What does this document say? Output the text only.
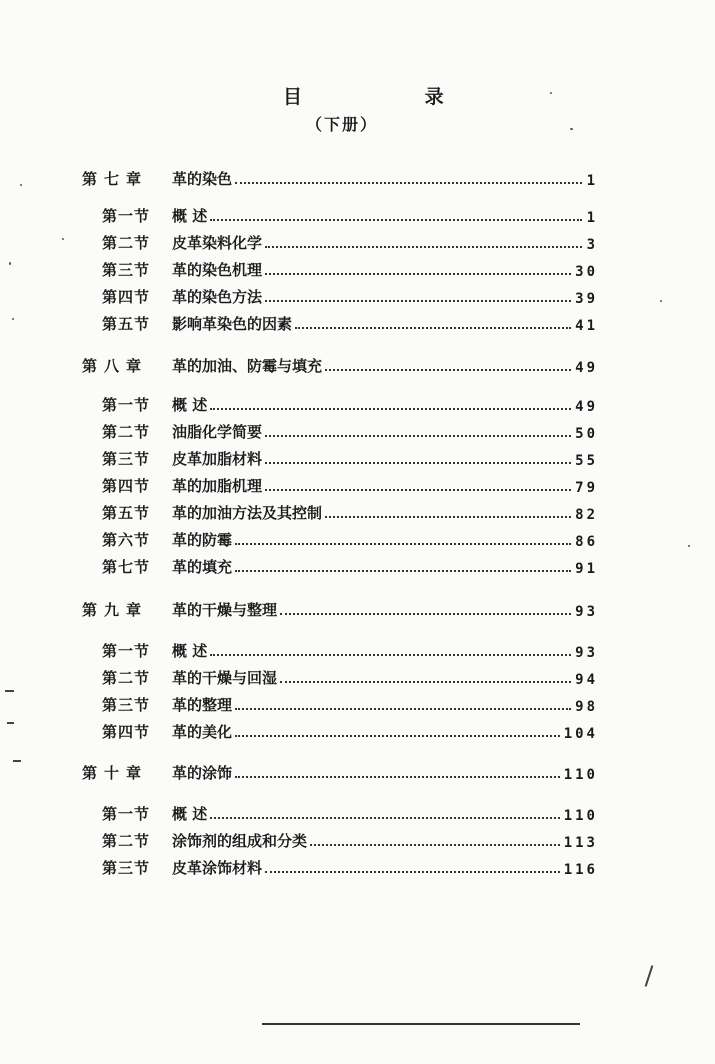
目 录
（下册）
第七章	革的染色	1
第一节	概 述	1
第二节	皮革染料化学	3
第三节	革的染色机理	30
第四节	革的染色方法	39
第五节	影响革染色的因素	41
第八章	革的加油、防霉与填充	49
第一节	概 述	49
第二节	油脂化学简要	50
第三节	皮革加脂材料	55
第四节	革的加脂机理	79
第五节	革的加油方法及其控制	82
第六节	革的防霉	86
第七节	革的填充	91
第九章	革的干燥与整理	93
第一节	概 述	93
第二节	革的干燥与回湿	94
第三节	革的整理	98
第四节	革的美化	104
第十章	革的涂饰	110
第一节	概 述	110
第二节	涂饰剂的组成和分类	113
第三节	皮革涂饰材料	116
